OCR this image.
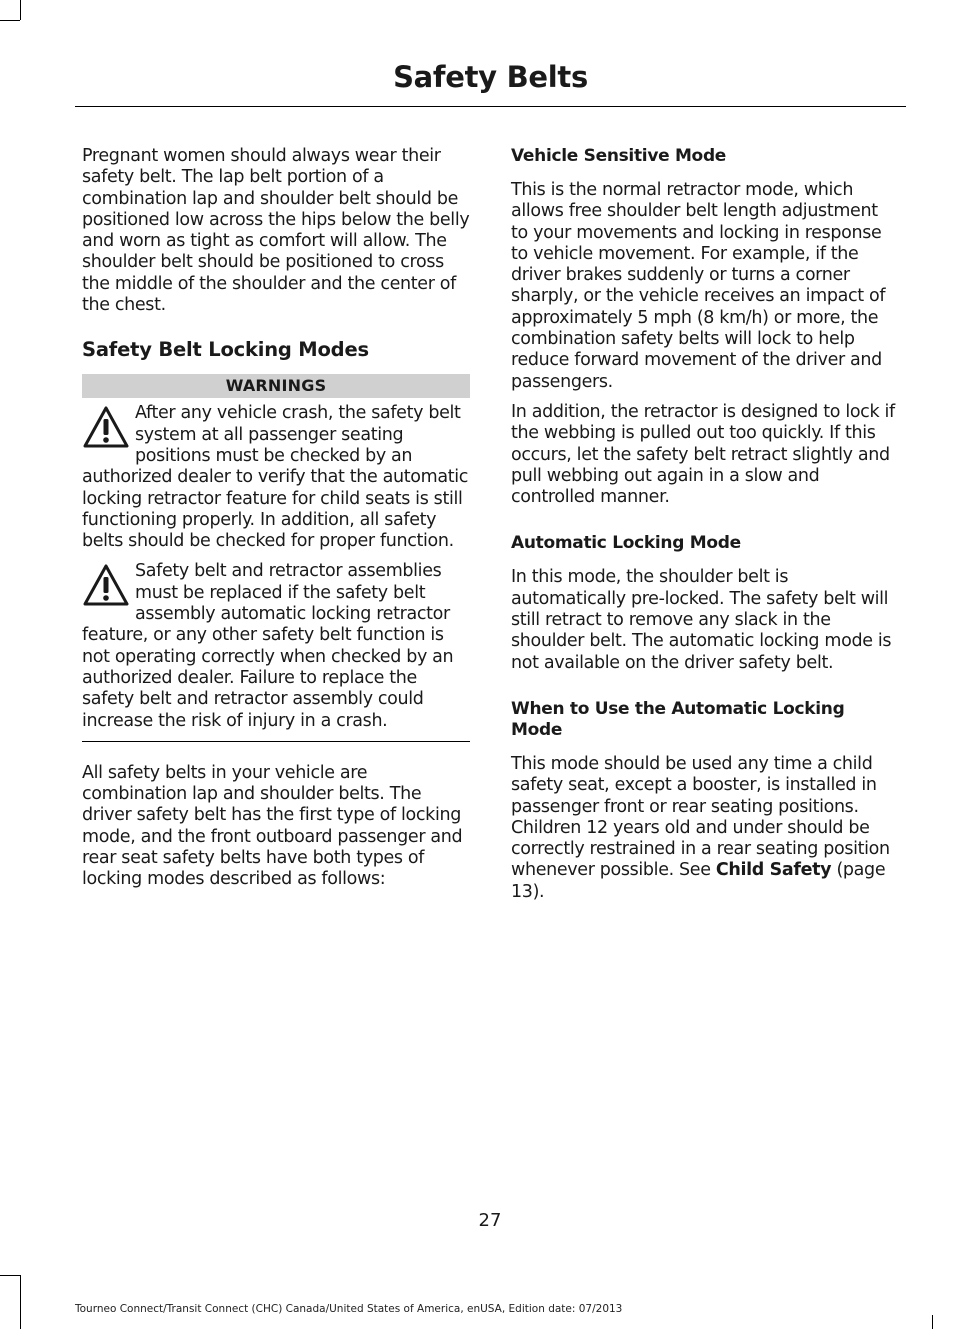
Safety Belts

Pregnant women should always wear their safety belt. The lap belt portion of a combination lap and shoulder belt should be positioned low across the hips below the belly and worn as tight as comfort will allow. The shoulder belt should be positioned to cross the middle of the shoulder and the center of the chest.

Safety Belt Locking Modes
WARNINGS

After any vehicle crash, the safety belt system at all passenger seating positions must be checked by an authorized dealer to verify that the automatic locking retractor feature for child seats is still functioning properly. In addition, all safety belts should be checked for proper function.

Safety belt and retractor assemblies must be replaced if the safety belt assembly automatic locking retractor feature, or any other safety belt function is not operating correctly when checked by an authorized dealer. Failure to replace the safety belt and retractor assembly could increase the risk of injury in a crash.

All safety belts in your vehicle are combination lap and shoulder belts. The driver safety belt has the first type of locking mode, and the front outboard passenger and rear seat safety belts have both types of locking modes described as follows:

Vehicle Sensitive Mode

This is the normal retractor mode, which allows free shoulder belt length adjustment to your movements and locking in response to vehicle movement. For example, if the driver brakes suddenly or turns a corner sharply, or the vehicle receives an impact of approximately 5 mph (8 km/h) or more, the combination safety belts will lock to help reduce forward movement of the driver and passengers.

In addition, the retractor is designed to lock if the webbing is pulled out too quickly. If this occurs, let the safety belt retract slightly and pull webbing out again in a slow and controlled manner.

Automatic Locking Mode

In this mode, the shoulder belt is automatically pre-locked. The safety belt will still retract to remove any slack in the shoulder belt. The automatic locking mode is not available on the driver safety belt.

When to Use the Automatic Locking Mode

This mode should be used any time a child safety seat, except a booster, is installed in passenger front or rear seating positions. Children 12 years old and under should be correctly restrained in a rear seating position whenever possible. See Child Safety (page 13).

27
Tourneo Connect/Transit Connect (CHC) Canada/United States of America, enUSA, Edition date: 07/2013
